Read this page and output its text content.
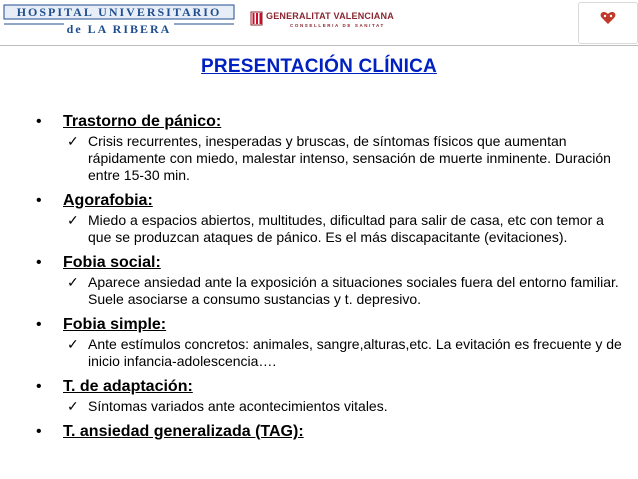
HOSPITAL UNIVERSITARIO
de LA RIBERA
GENERALITAT VALENCIANA
CONSELLERIA DE SANITAT
PRESENTACIÓN CLÍNICA
• Trastorno de pánico:
✓ Crisis recurrentes, inesperadas y bruscas, de síntomas físicos que aumentan rápidamente con miedo, malestar intenso, sensación de muerte inminente. Duración entre 15-30 min.
• Agorafobia:
✓ Miedo a espacios abiertos, multitudes, dificultad para salir de casa, etc con temor a que se produzcan ataques de pánico. Es el más discapacitante (evitaciones).
• Fobia social:
✓ Aparece ansiedad ante la exposición a situaciones sociales fuera del entorno familiar. Suele asociarse a consumo sustancias y t. depresivo.
• Fobia simple:
✓ Ante estímulos concretos: animales, sangre,alturas,etc. La evitación es frecuente y de inicio infancia-adolescencia….
• T. de adaptación:
✓ Síntomas variados ante acontecimientos vitales.
• T. ansiedad generalizada (TAG):
